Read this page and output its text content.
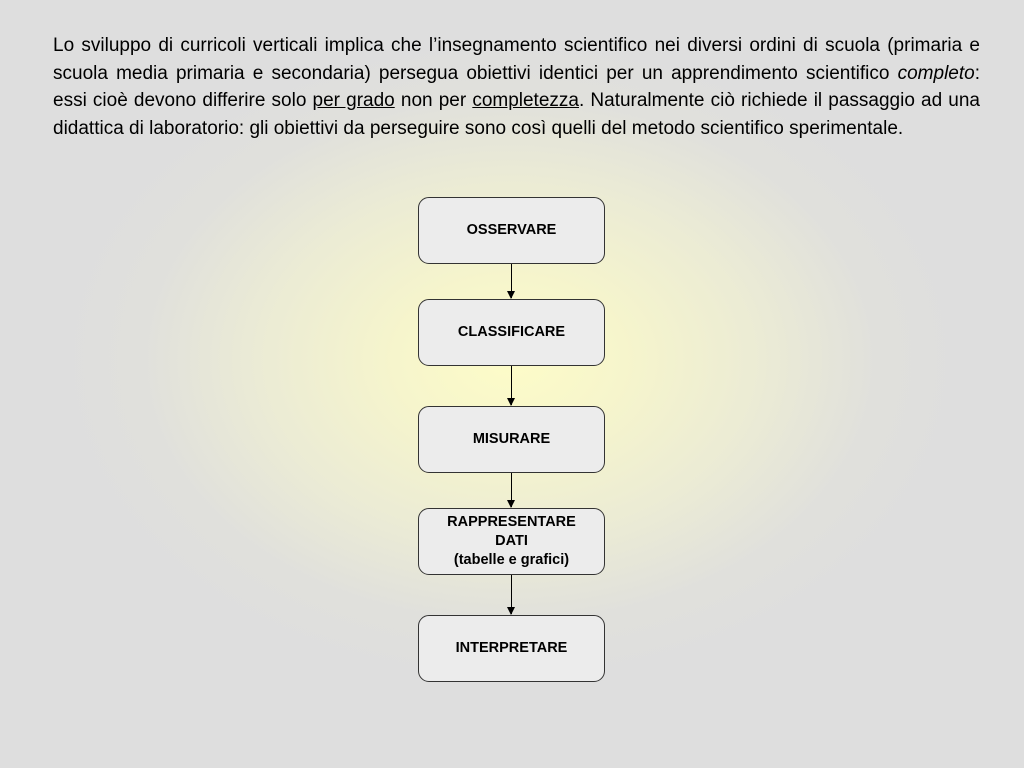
Lo sviluppo di curricoli verticali implica che l’insegnamento scientifico nei diversi ordini di scuola (primaria e scuola media primaria e secondaria) persegua obiettivi identici per un apprendimento scientifico completo: essi cioè devono differire solo per grado non per completezza. Naturalmente ciò richiede il passaggio ad una didattica di laboratorio: gli obiettivi da perseguire sono così quelli del metodo scientifico sperimentale.

OSSERVARE
CLASSIFICARE
MISURARE
RAPPRESENTARE
DATI
(tabelle e grafici)
INTERPRETARE
